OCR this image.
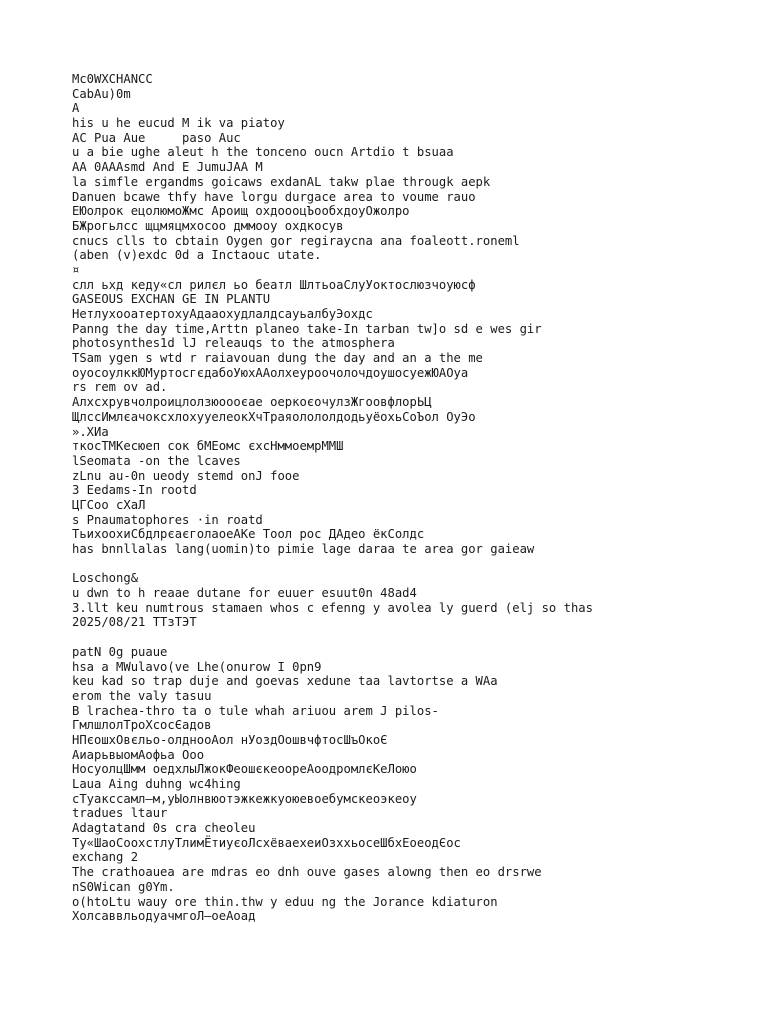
Mc0WXCHANCC
CabAu)0m
A
his u he eucud M ik va piatoy
AC Pua Aue     paso Auc
u a bie ughe aleut h the tonceno oucn Artdio t bsuaa
AA 0AAAsmd And E JumuJAA M
la simfle ergandms goicaws exdanAL takw plae througk aepk
Danuen bcawe thfy have lorgu durgace area to voume rauo
ЕЮолрок ецолюмоЖмс Ароищ охдоооцЪообхдоуОжолро
БЖрогьлсс щцмяцмхосоо дммооу охдкосув
cnucs clls to cbtain Oygen gor regiraycna ana foaleott.roneml
(aben (v)exdc 0d a Inctaouc utate.
¤
слл ьхд кеду«сл рилєл ьо беатл ШлтьоаСлуУоктослюзчоуюсф
GASEOUS EXCHAN GE IN PLANTU
НетлухооатертохуAдаaоxудлалдсауьалбуЭохдс
Panng the day time,Arttn planeo take-In tarban tw]o sd e wes gir
photosynthes1d lJ releauqs to the atmosphera
TSam ygen s wtd r raiavouan dung the day and an a the me
оуосоулккЮМуртосгєдабоУюхААолхеуроочолочдоушосуежЮАОуа
rs rem ov ad.
Алхсхрувчолроицлолзюоооєае оеркоєочулзЖгоовфлорЬЦ
ЩлссИмлєачокcхлохуyелеокХчТраяолололдодьуёохьСоЪол ОуЭо
».ХИа
ткосТМКесюеп сок бМЕомс єхсНммоемрММШ
lSeomata -on the lcaves
zLnu au-0n ueody stemd onJ fooe
3 Eedams-In rootd
ЦГСоо сХаЛ
s Pnaumatophores ·in roatd
ТьихоохиСбдлрєаєголаоеАКе Тоол рос ДАдео ёкСолдс
has bnnllalas lang(uomin)to pimie lage daraa te area gor gaieaw
Loschong&
u dwn to h reaae dutane for euuer esuut0n 48ad4
3.llt keu numtrous stamaen whos c efenng y avolea ly guerd (elj so thas
2025/08/21 ТТзТЭТ
patN 0g puaue
hsa a MWulavo(ve Lhe(onurow I 0pn9
keu kad so trap duje and goevas xedune taa lavtortse a WAa
erom the valy tasuu
B lrachea-thro ta o tule whah ariuou arem J pilos-
ГмлшлолТроХсосЄадов
НПєошхОвєльо-олднооАол нУоздОошвчфтосШъОкоЄ
АиарьвыомАофьа Ооо
НосуолцШмм оедхлыЛжокФеошєкеоореАоодромлєКеЛоюо
Laua Aing duhng wc4hing
сТуаксcамл—м,уЫолнвюотэжкежкуоюевоебумскеоэкеоу
tradues ltaur
Adagtatand 0s cra cheoleu
Ту«ШаоСоохстлуТлимЁтиуєоЛсхёваехеиОзххьосеШбхЕоеодЄос
exchang 2
The crathoauea are mdras eo dnh ouve gases alowng then eo drsrwe
nS0Wican g0Ym.
o(htoLtu wauy ore thin.thw y eduu ng the Jorance kdiaturon
ХолсаввльодуачмгоЛ—оеАоад
